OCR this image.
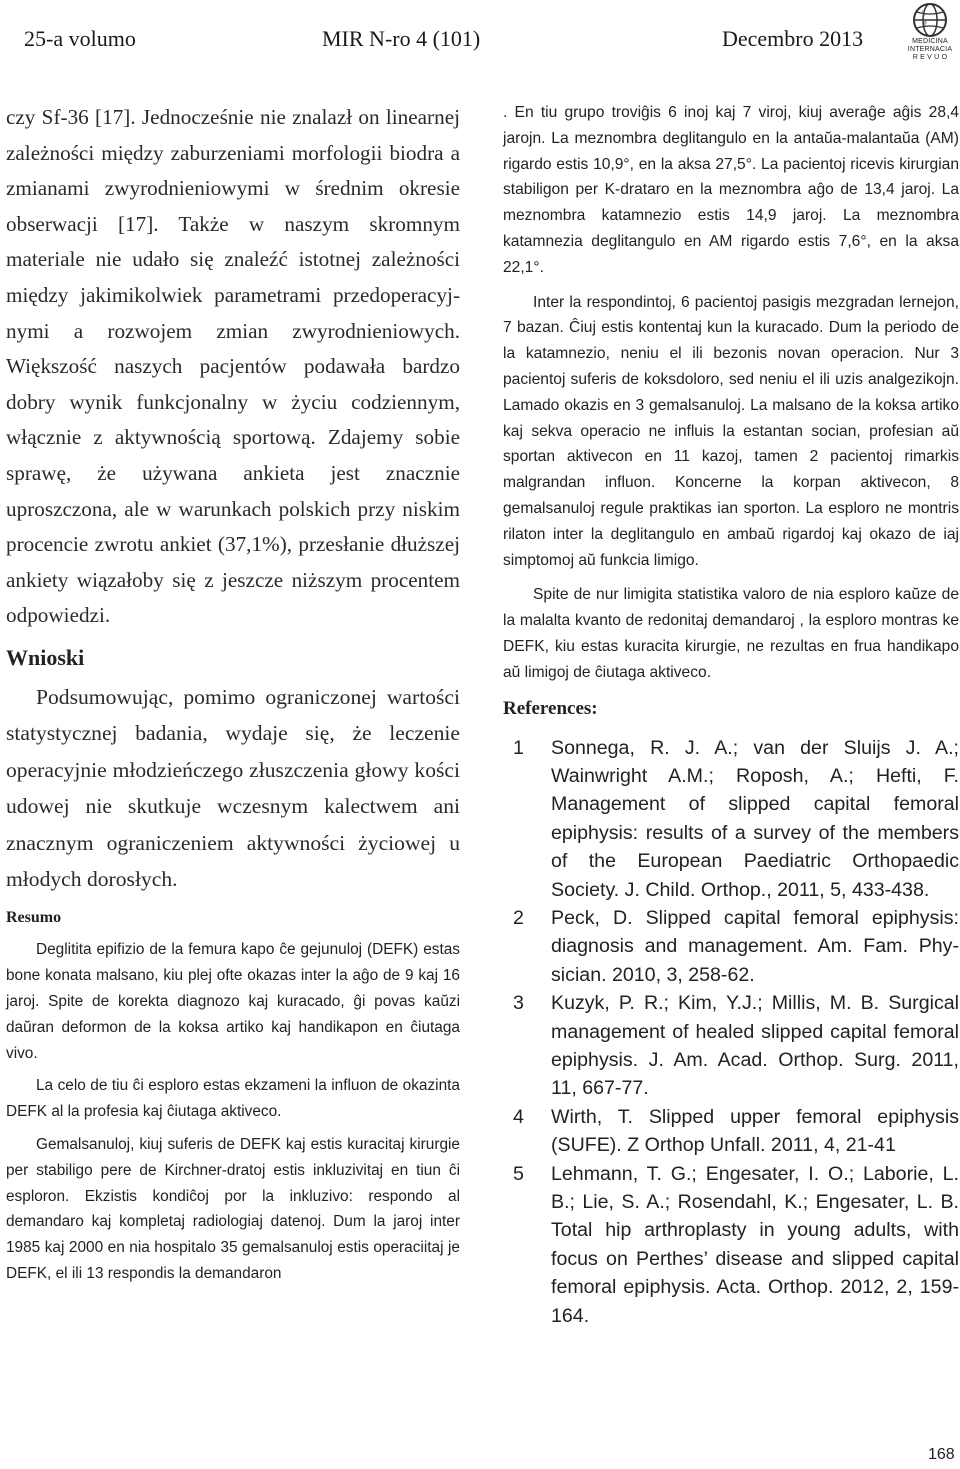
25-a volumo	MIR N-ro 4 (101)	Decembro 2013	MEDICINA
INTERNACIA
R E V U O

czy Sf-36 [17]. Jednocześnie nie znalazł on linearnej zależności między zaburzeniami morfologii biodra a zmianami zwyrodnieniowymi w średnim okresie obserwacji [17]. Także w naszym skromnym materiale nie udało się znaleźć istotnej zależności między jakimikolwiek parametrami przedoperacyjnymi a rozwojem zmian zwyrodnieniowych. Większość naszych pacjentów podawała bardzo dobry wynik funkcjonalny w życiu codziennym, włącznie z aktywnością sportową. Zdajemy sobie sprawę, że używana ankieta jest znacznie uproszczona, ale w warunkach polskich przy niskim procencie zwrotu ankiet (37,1%), przesłanie dłuższej ankiety wiązałoby się z jeszcze niższym procentem odpowiedzi.

Wnioski

Podsumowując, pomimo ograniczonej wartości statystycznej badania, wydaje się, że leczenie operacyjnie młodzieńczego złuszczenia głowy kości udowej nie skutkuje wczesnym kalectwem ani znacznym ograniczeniem aktywności życiowej u młodych dorosłych.

Resumo

Deglitita epifizio de la femura kapo ĉe gejunuloj (DEFK) estas bone konata malsano, kiu plej ofte okazas inter la aĝo de 9 kaj 16 jaroj. Spite de korekta diagnozo kaj kuracado, ĝi povas kaŭzi daŭran deformon de la koksa artiko kaj handikapon en ĉiutaga vivo.

La celo de tiu ĉi esploro estas ekzameni la influon de okazinta DEFK al la profesia kaj ĉiutaga aktiveco.

Gemalsanuloj, kiuj suferis de DEFK kaj estis kuracitaj kirurgie per stabiligo pere de Kirchner-dratoj estis inkluzivitaj en tiun ĉi esploron. Ekzistis kondiĉoj por la inkluzivo: respondo al demandaro kaj kompletaj radiologiaj datenoj. Dum la jaroj inter 1985 kaj 2000 en nia hospitalo 35 gemalsanuloj estis operaciitaj je DEFK, el ili 13 respondis la demandaron

. En tiu grupo troviĝis 6 inoj kaj 7 viroj, kiuj averaĝe aĝis 28,4 jarojn. La meznombra deglitangulo en la antaŭa-malantaŭa (AM) rigardo estis 10,9°, en la aksa 27,5°. La pacientoj ricevis kirurgian stabiligon per K-drataro en la meznombra aĝo de 13,4 jaroj. La meznombra katamnezio estis 14,9 jaroj. La meznombra katamnezia deglitangulo en AM rigardo estis 7,6°, en la aksa 22,1°.

Inter la respondintoj, 6 pacientoj pasigis mezgradan lernejon, 7 bazan. Ĉiuj estis kontentaj kun la kuracado. Dum la periodo de la katamnezio, neniu el ili bezonis novan operacion. Nur 3 pacientoj suferis de koksdoloro, sed neniu el ili uzis analgezikojn. Lamado okazis en 3 gemalsanuloj. La malsano de la koksa artiko kaj sekva operacio ne influis la estantan socian, profesian aŭ sportan aktivecon en 11 kazoj, tamen 2 pacientoj rimarkis malgrandan influon. Koncerne la korpan aktivecon, 8 gemalsanuloj regule praktikas ian sporton. La esploro ne montris rilaton inter la deglitangulo en ambaŭ rigardoj kaj okazo de iaj simptomoj aŭ funkcia limigo.

Spite de nur limigita statistika valoro de nia esploro kaŭze de la malalta kvanto de redonitaj demandaroj , la esploro montras ke DEFK, kiu estas kuracita kirurgie, ne rezultas en frua handikapo aŭ limigoj de ĉiutaga aktiveco.

References:
1 Sonnega, R. J. A.; van der Sluijs J. A.; Wainwright A.M.; Roposh, A.; Hefti, F. Management of slipped capital femoral epiphysis: results of a survey of the members of the European Paediatric Orthopaedic Society. J. Child. Orthop., 2011, 5, 433-438.
2 Peck, D. Slipped capital femoral epiphysis: diagnosis and management. Am. Fam. Physician. 2010, 3, 258-62.
3 Kuzyk, P. R.; Kim, Y.J.; Millis, M. B. Surgical management of healed slipped capital femoral epiphysis. J. Am. Acad. Orthop. Surg. 2011, 11, 667-77.
4 Wirth, T. Slipped upper femoral epiphysis (SUFE). Z Orthop Unfall. 2011, 4, 21-41
5 Lehmann, T. G.; Engesater, I. O.; Laborie, L. B.; Lie, S. A.; Rosendahl, K.; Engesater, L. B. Total hip arthroplasty in young adults, with focus on Perthes’ disease and slipped capital femoral epiphysis. Acta. Orthop. 2012, 2, 159-164.
168
